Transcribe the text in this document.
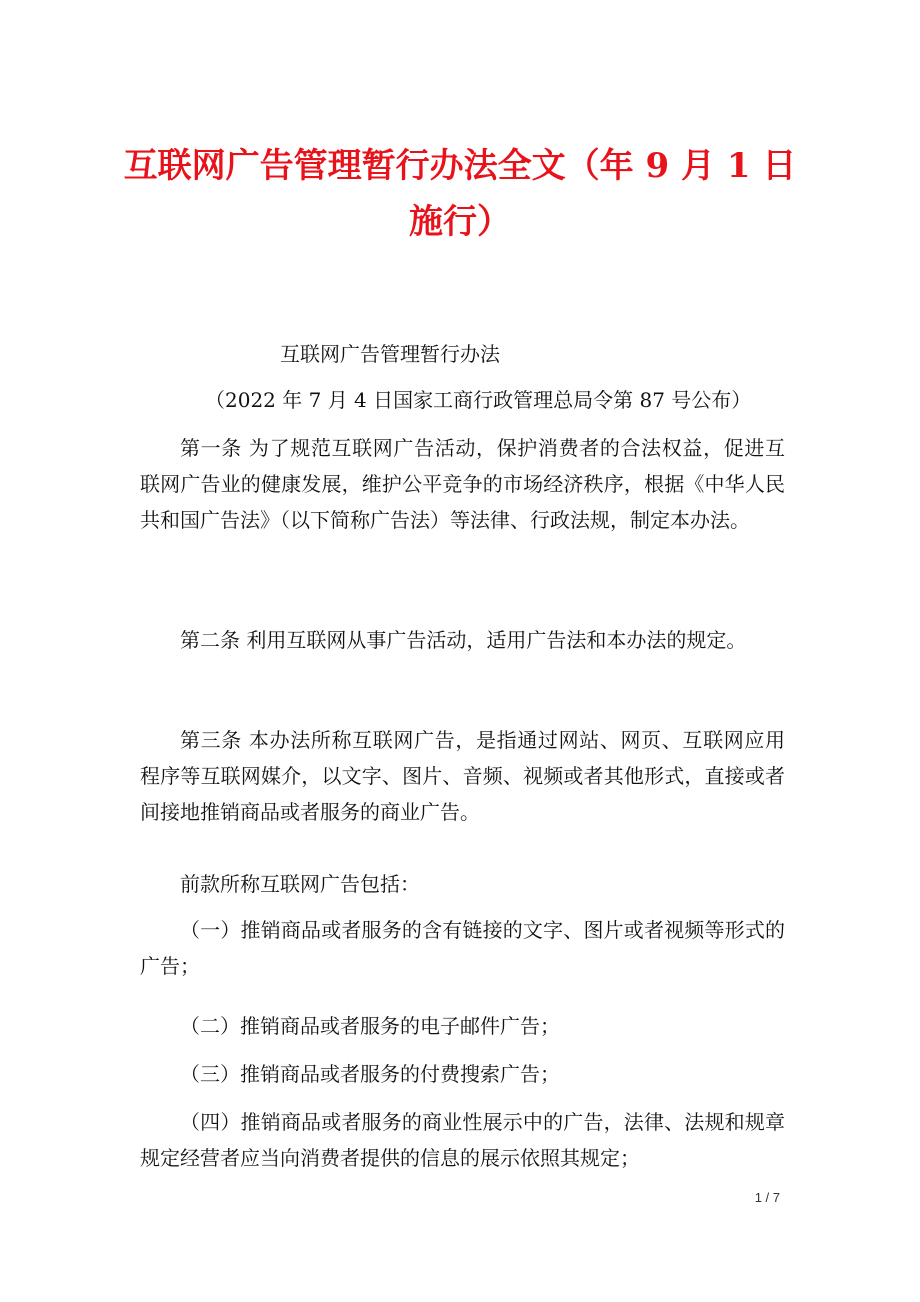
互联网广告管理暂行办法全文（年 9 月 1 日
施行）

互联网广告管理暂行办法

（2022 年 7 月 4 日国家工商行政管理总局令第 87 号公布）

第一条 为了规范互联网广告活动，保护消费者的合法权益，促进互联网广告业的健康发展，维护公平竞争的市场经济秩序，根据《中华人民共和国广告法》（以下简称广告法）等法律、行政法规，制定本办法。

第二条 利用互联网从事广告活动，适用广告法和本办法的规定。

第三条 本办法所称互联网广告，是指通过网站、网页、互联网应用程序等互联网媒介，以文字、图片、音频、视频或者其他形式，直接或者间接地推销商品或者服务的商业广告。

前款所称互联网广告包括：

（一）推销商品或者服务的含有链接的文字、图片或者视频等形式的广告；

（二）推销商品或者服务的电子邮件广告；

（三）推销商品或者服务的付费搜索广告；

（四）推销商品或者服务的商业性展示中的广告，法律、法规和规章规定经营者应当向消费者提供的信息的展示依照其规定；

1 / 7
